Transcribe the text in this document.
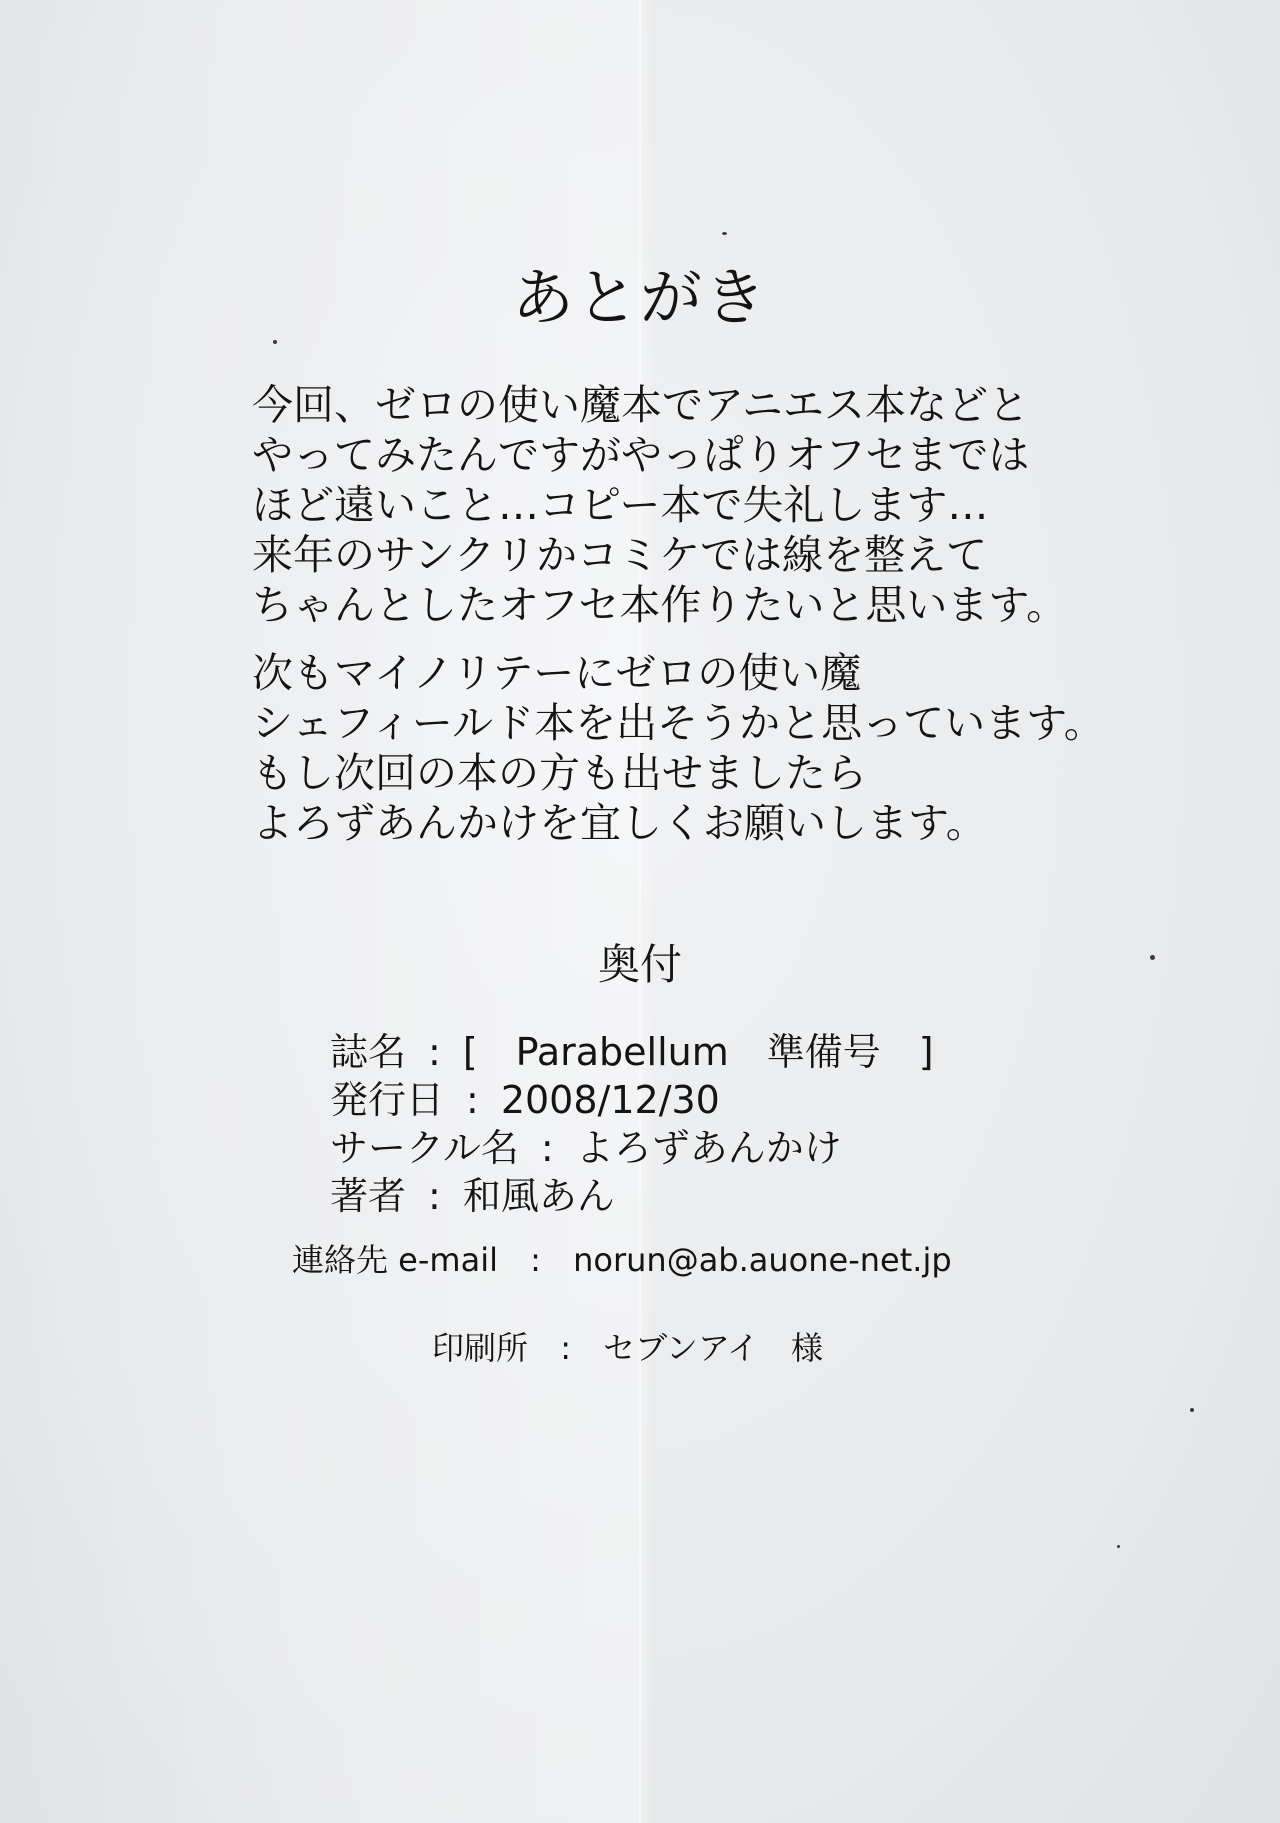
あとがき
今回、ゼロの使い魔本でアニエス本などと
やってみたんですがやっぱりオフセまでは
ほど遠いこと…コピー本で失礼します…
来年のサンクリかコミケでは線を整えて
ちゃんとしたオフセ本作りたいと思います。
次もマイノリテーにゼロの使い魔
シェフィールド本を出そうかと思っています。
もし次回の本の方も出せましたら
よろずあんかけを宜しくお願いします。
奥付
誌名 : [　Parabellum　準備号　]
発行日 : 2008/12/30
サークル名 : よろずあんかけ
著者 : 和風あん
連絡先 e-mail : norun@ab.auone-net.jp
印刷所 : セブンアイ　様
